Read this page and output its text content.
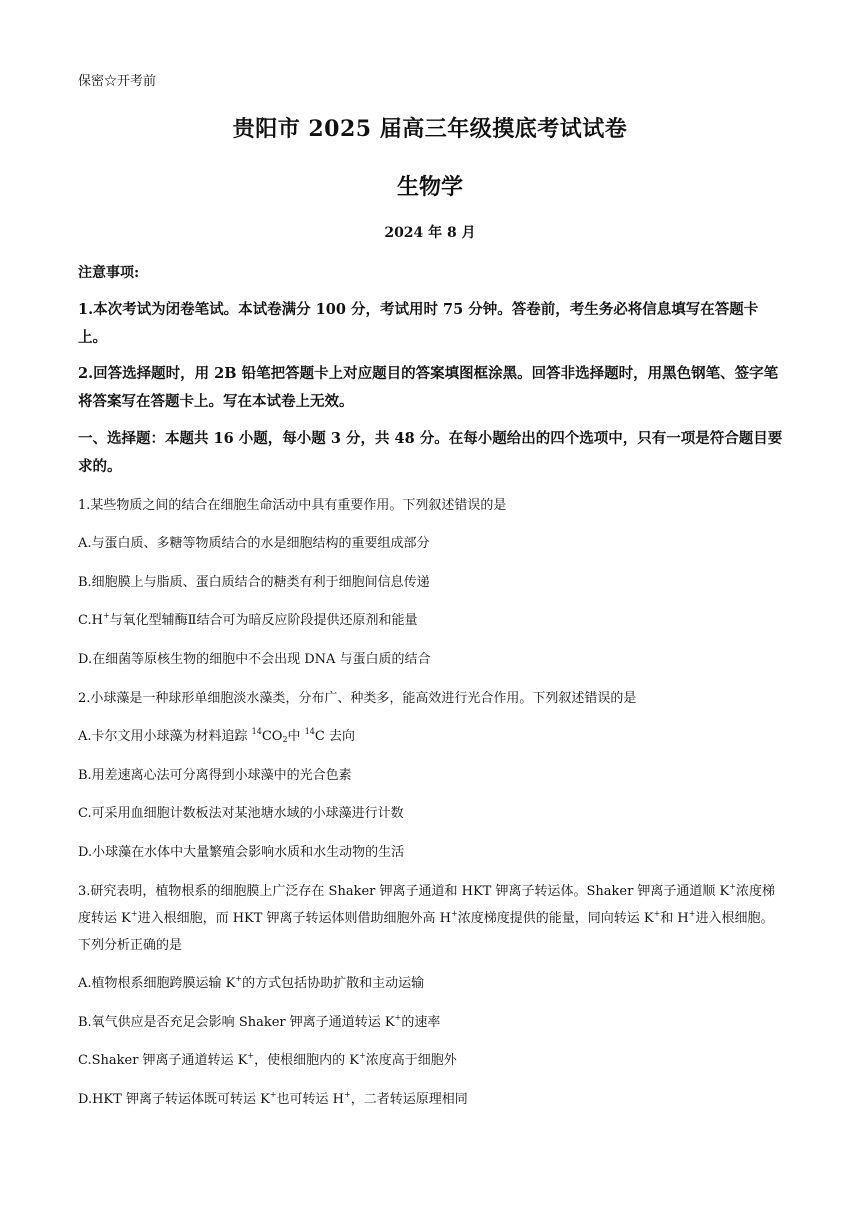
保密☆开考前
贵阳市 2025 届高三年级摸底考试试卷
生物学
2024 年 8 月
注意事项:
1.本次考试为闭卷笔试。本试卷满分 100 分，考试用时 75 分钟。答卷前，考生务必将信息填写在答题卡上。
2.回答选择题时，用 2B 铅笔把答题卡上对应题目的答案填图框涂黑。回答非选择题时，用黑色钢笔、签字笔将答案写在答题卡上。写在本试卷上无效。
一、选择题：本题共 16 小题，每小题 3 分，共 48 分。在每小题给出的四个选项中，只有一项是符合题目要求的。
1.某些物质之间的结合在细胞生命活动中具有重要作用。下列叙述错误的是
A.与蛋白质、多糖等物质结合的水是细胞结构的重要组成部分
B.细胞膜上与脂质、蛋白质结合的糖类有利于细胞间信息传递
C.H+与氧化型辅酶Ⅱ结合可为暗反应阶段提供还原剂和能量
D.在细菌等原核生物的细胞中不会出现 DNA 与蛋白质的结合
2.小球藻是一种球形单细胞淡水藻类，分布广、种类多，能高效进行光合作用。下列叙述错误的是
A.卡尔文用小球藻为材料追踪 $^{14}CO_2$中 $^{14}$C 去向
B.用差速离心法可分离得到小球藻中的光合色素
C.可采用血细胞计数板法对某池塘水域的小球藻进行计数
D.小球藻在水体中大量繁殖会影响水质和水生动物的生活
3.研究表明，植物根系的细胞膜上广泛存在 Shaker 钾离子通道和 HKT 钾离子转运体。Shaker 钾离子通道顺 K+浓度梯度转运 K+进入根细胞，而 HKT 钾离子转运体则借助细胞外高 H+浓度梯度提供的能量，同向转运 K+和 H+进入根细胞。下列分析正确的是
A.植物根系细胞跨膜运输 K+的方式包括协助扩散和主动运输
B.氧气供应是否充足会影响 Shaker 钾离子通道转运 K+的速率
C.Shaker 钾离子通道转运 K+，使根细胞内的 K+浓度高于细胞外
D.HKT 钾离子转运体既可转运 K+也可转运 H+，二者转运原理相同
